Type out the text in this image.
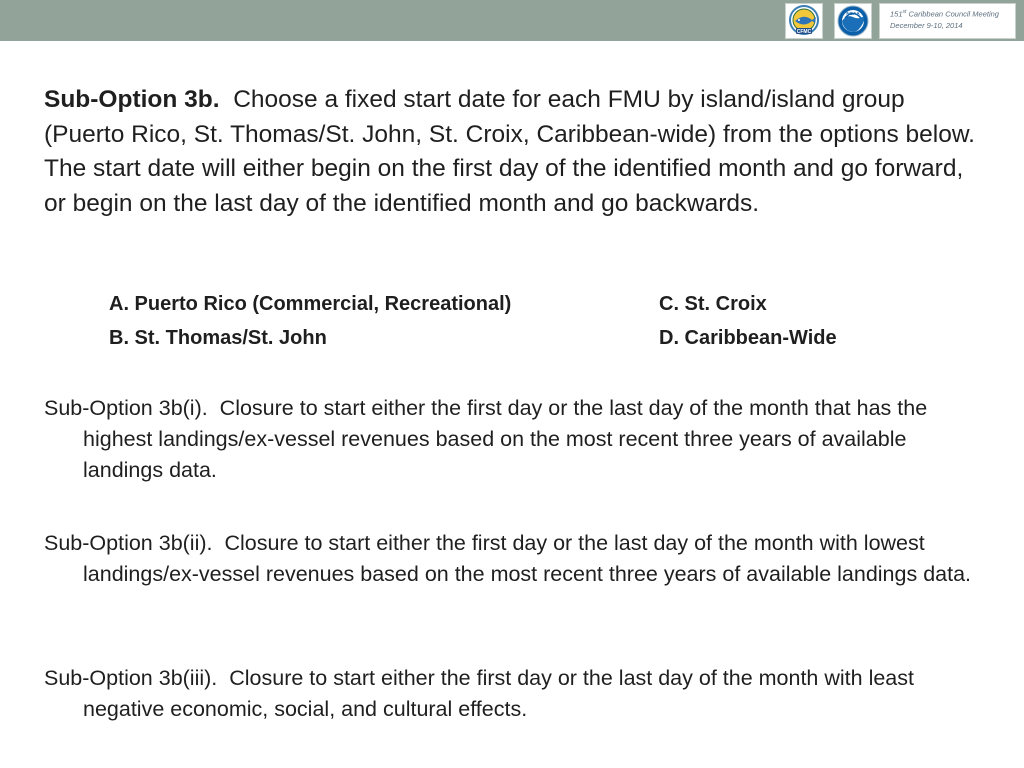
CFMC
NOAA	151st Caribbean Council Meeting
December 9-10, 2014
Sub-Option 3b. Choose a fixed start date for each FMU by island/island group (Puerto Rico, St. Thomas/St. John, St. Croix, Caribbean-wide) from the options below. The start date will either begin on the first day of the identified month and go forward, or begin on the last day of the identified month and go backwards.
A. Puerto Rico (Commercial, Recreational)
B. St. Thomas/St. John
C. St. Croix
D. Caribbean-Wide
Sub-Option 3b(i). Closure to start either the first day or the last day of the month that has the highest landings/ex-vessel revenues based on the most recent three years of available landings data.
Sub-Option 3b(ii). Closure to start either the first day or the last day of the month with lowest landings/ex-vessel revenues based on the most recent three years of available landings data.
Sub-Option 3b(iii). Closure to start either the first day or the last day of the month with least negative economic, social, and cultural effects.
